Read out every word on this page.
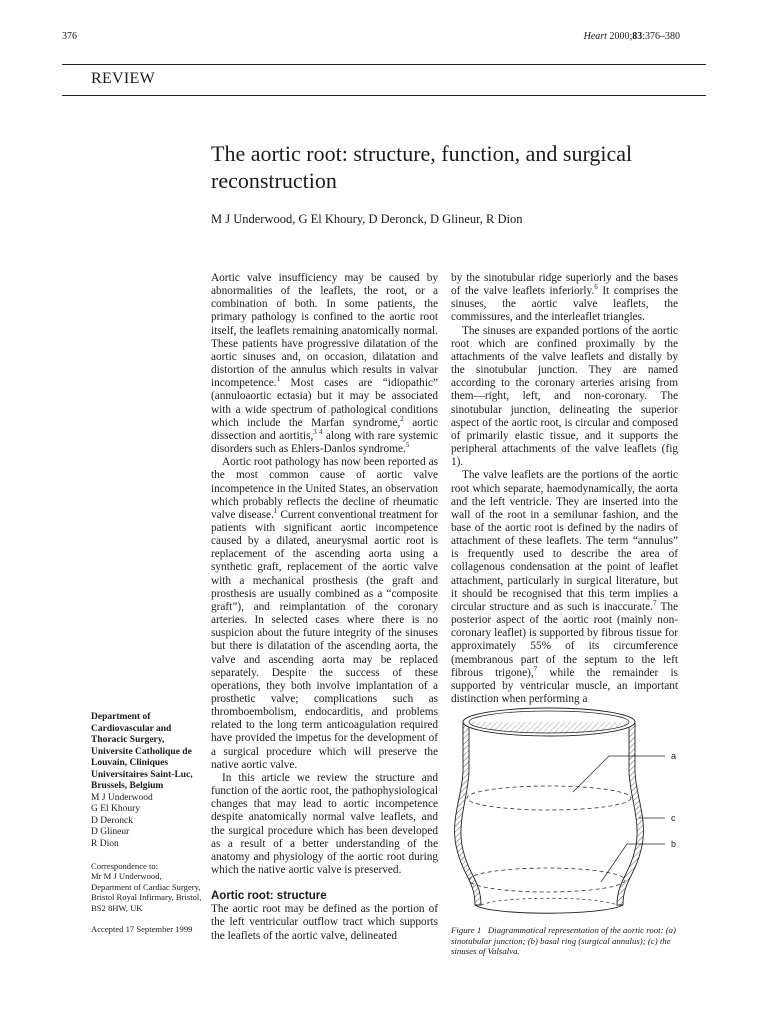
376	Heart 2000;83:376–380
REVIEW
The aortic root: structure, function, and surgical reconstruction
M J Underwood, G El Khoury, D Deronck, D Glineur, R Dion

Aortic valve insufficiency may be caused by abnormalities of the leaflets, the root, or a combination of both. In some patients, the primary pathology is confined to the aortic root itself, the leaflets remaining anatomically normal. These patients have progressive dilatation of the aortic sinuses and, on occasion, dilatation and distortion of the annulus which results in valvar incompetence.$^1$ Most cases are “idiopathic” (annuloaortic ectasia) but it may be associated with a wide spectrum of pathological conditions which include the Marfan syndrome,$^2$ aortic dissection and aortitis,$^{3 4}$ along with rare systemic disorders such as Ehlers-Danlos syndrome.$^5$

Aortic root pathology has now been reported as the most common cause of aortic valve incompetence in the United States, an observation which probably reflects the decline of rheumatic valve disease.$^1$ Current conventional treatment for patients with significant aortic incompetence caused by a dilated, aneurysmal aortic root is replacement of the ascending aorta using a synthetic graft, replacement of the aortic valve with a mechanical prosthesis (the graft and prosthesis are usually combined as a “composite graft”), and reimplantation of the coronary arteries. In selected cases where there is no suspicion about the future integrity of the sinuses but there is dilatation of the ascending aorta, the valve and ascending aorta may be replaced separately. Despite the success of these operations, they both involve implantation of a prosthetic valve; complications such as thromboembolism, endocarditis, and problems related to the long term anticoagulation required have provided the impetus for the development of a surgical procedure which will preserve the native aortic valve.

In this article we review the structure and function of the aortic root, the pathophysiological changes that may lead to aortic incompetence despite anatomically normal valve leaflets, and the surgical procedure which has been developed as a result of a better understanding of the anatomy and physiology of the aortic root during which the native aortic valve is preserved.

Aortic root: structure

The aortic root may be defined as the portion of the left ventricular outflow tract which supports the leaflets of the aortic valve, delineated

by the sinotubular ridge superiorly and the bases of the valve leaflets inferiorly.$^6$ It comprises the sinuses, the aortic valve leaflets, the commissures, and the interleaflet triangles.

The sinuses are expanded portions of the aortic root which are confined proximally by the attachments of the valve leaflets and distally by the sinotubular junction. They are named according to the coronary arteries arising from them—right, left, and non-coronary. The sinotubular junction, delineating the superior aspect of the aortic root, is circular and composed of primarily elastic tissue, and it supports the peripheral attachments of the valve leaflets (fig 1).

The valve leaflets are the portions of the aortic root which separate, haemodynamically, the aorta and the left ventricle. They are inserted into the wall of the root in a semilunar fashion, and the base of the aortic root is defined by the nadirs of attachment of these leaflets. The term “annulus” is frequently used to describe the area of collagenous condensation at the point of leaflet attachment, particularly in surgical literature, but it should be recognised that this term implies a circular structure and as such is inaccurate.$^7$ The posterior aspect of the aortic root (mainly non-coronary leaflet) is supported by fibrous tissue for approximately 55% of its circumference (membranous part of the septum to the left fibrous trigone),$^7$ while the remainder is supported by ventricular muscle, an important distinction when performing a

Department of Cardiovascular and Thoracic Surgery, Universite Catholique de Louvain, Cliniques Universitaires Saint-Luc, Brussels, Belgium
M J Underwood
G El Khoury
D Deronck
D Glineur
R Dion
Correspondence to:
Mr M J Underwood, Department of Cardiac Surgery, Bristol Royal Infirmary, Bristol, BS2 8HW, UK
Accepted 17 September 1999
a
c
b
Figure 1 Diagrammatical representation of the aortic root: (a) sinotubular junction; (b) basal ring (surgical annulus); (c) the sinuses of Valsalva.
